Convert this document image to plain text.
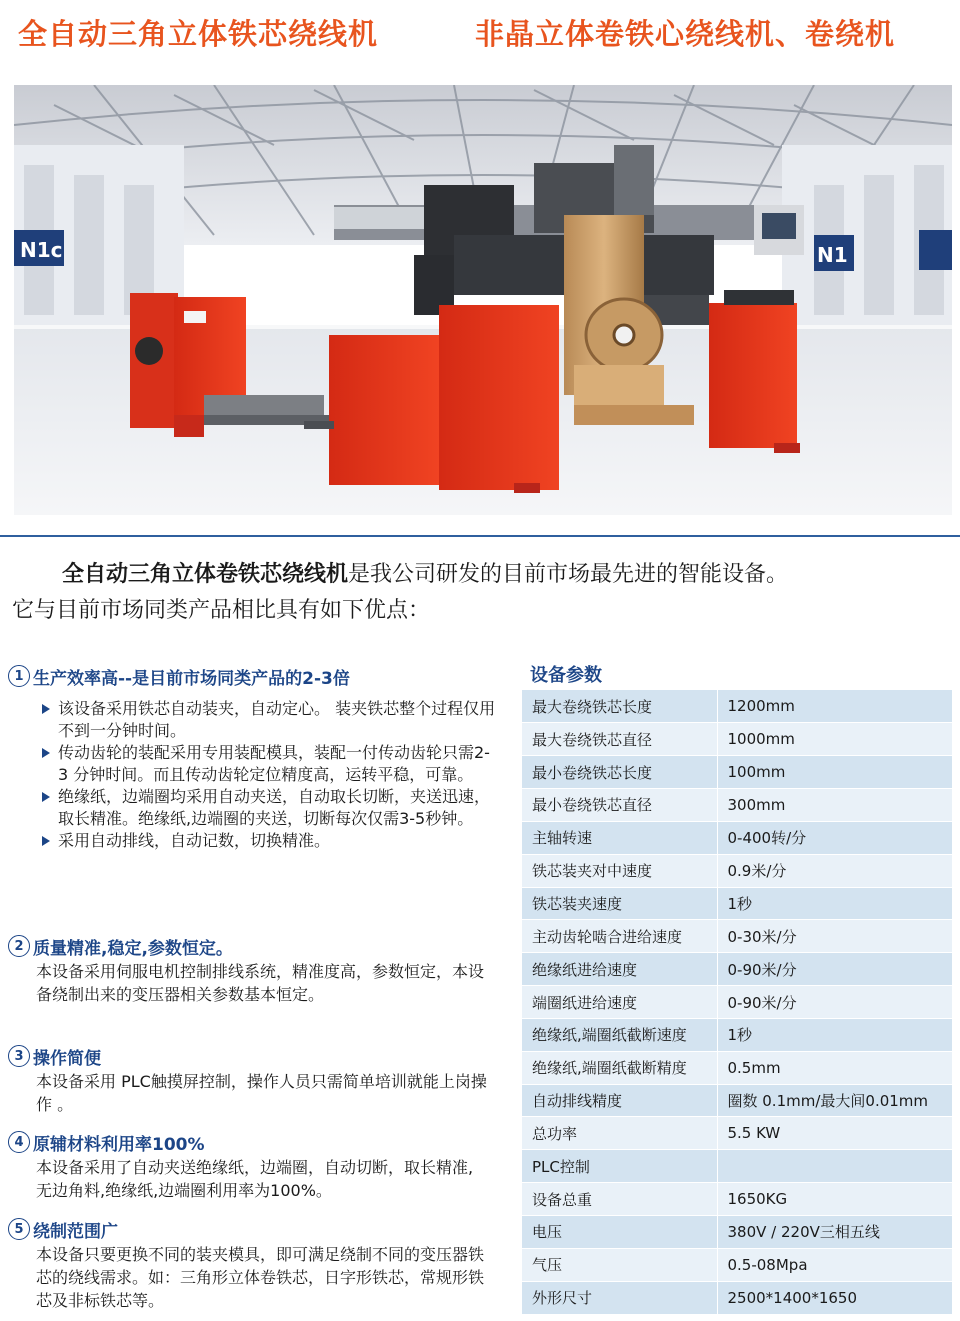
全自动三角立体铁芯绕线机	非晶立体卷铁心绕线机、卷绕机
N1c	N1
全自动三角立体卷铁芯绕线机是我公司研发的目前市场最先进的智能设备。
它与目前市场同类产品相比具有如下优点：
1 生产效率高--是目前市场同类产品的2-3倍
该设备采用铁芯自动装夹，自动定心。 装夹铁芯整个过程仅用不到一分钟时间。
传动齿轮的装配采用专用装配模具，装配一付传动齿轮只需2-3 分钟时间。而且传动齿轮定位精度高，运转平稳，可靠。
绝缘纸，边端圈均采用自动夹送，自动取长切断，夹送迅速，取长精准。绝缘纸,边端圈的夹送，切断每次仅需3-5秒钟。
采用自动排线，自动记数，切换精准。
2 质量精准,稳定,参数恒定。
本设备采用伺服电机控制排线系统，精准度高，参数恒定，本设备绕制出来的变压器相关参数基本恒定。
3 操作简便
本设备采用 PLC触摸屏控制，操作人员只需简单培训就能上岗操作 。
4 原辅材料利用率100%
本设备采用了自动夹送绝缘纸，边端圈，自动切断，取长精准,无边角料,绝缘纸,边端圈利用率为100%。
5 绕制范围广
本设备只要更换不同的装夹模具，即可满足绕制不同的变压器铁芯的绕线需求。如：三角形立体卷铁芯，日字形铁芯，常规形铁芯及非标铁芯等。
设备参数
最大卷绕铁芯长度	1200mm
最大卷绕铁芯直径	1000mm
最小卷绕铁芯长度	100mm
最小卷绕铁芯直径	300mm
主轴转速	0-400转/分
铁芯装夹对中速度	0.9米/分
铁芯装夹速度	1秒
主动齿轮啮合进给速度	0-30米/分
绝缘纸进给速度	0-90米/分
端圈纸进给速度	0-90米/分
绝缘纸,端圈纸截断速度	1秒
绝缘纸,端圈纸截断精度	0.5mm
自动排线精度	圈数 0.1mm/最大间0.01mm
总功率	5.5 KW
PLC控制	
设备总重	1650KG
电压	380V / 220V三相五线
气压	0.5-08Mpa
外形尺寸	2500*1400*1650
